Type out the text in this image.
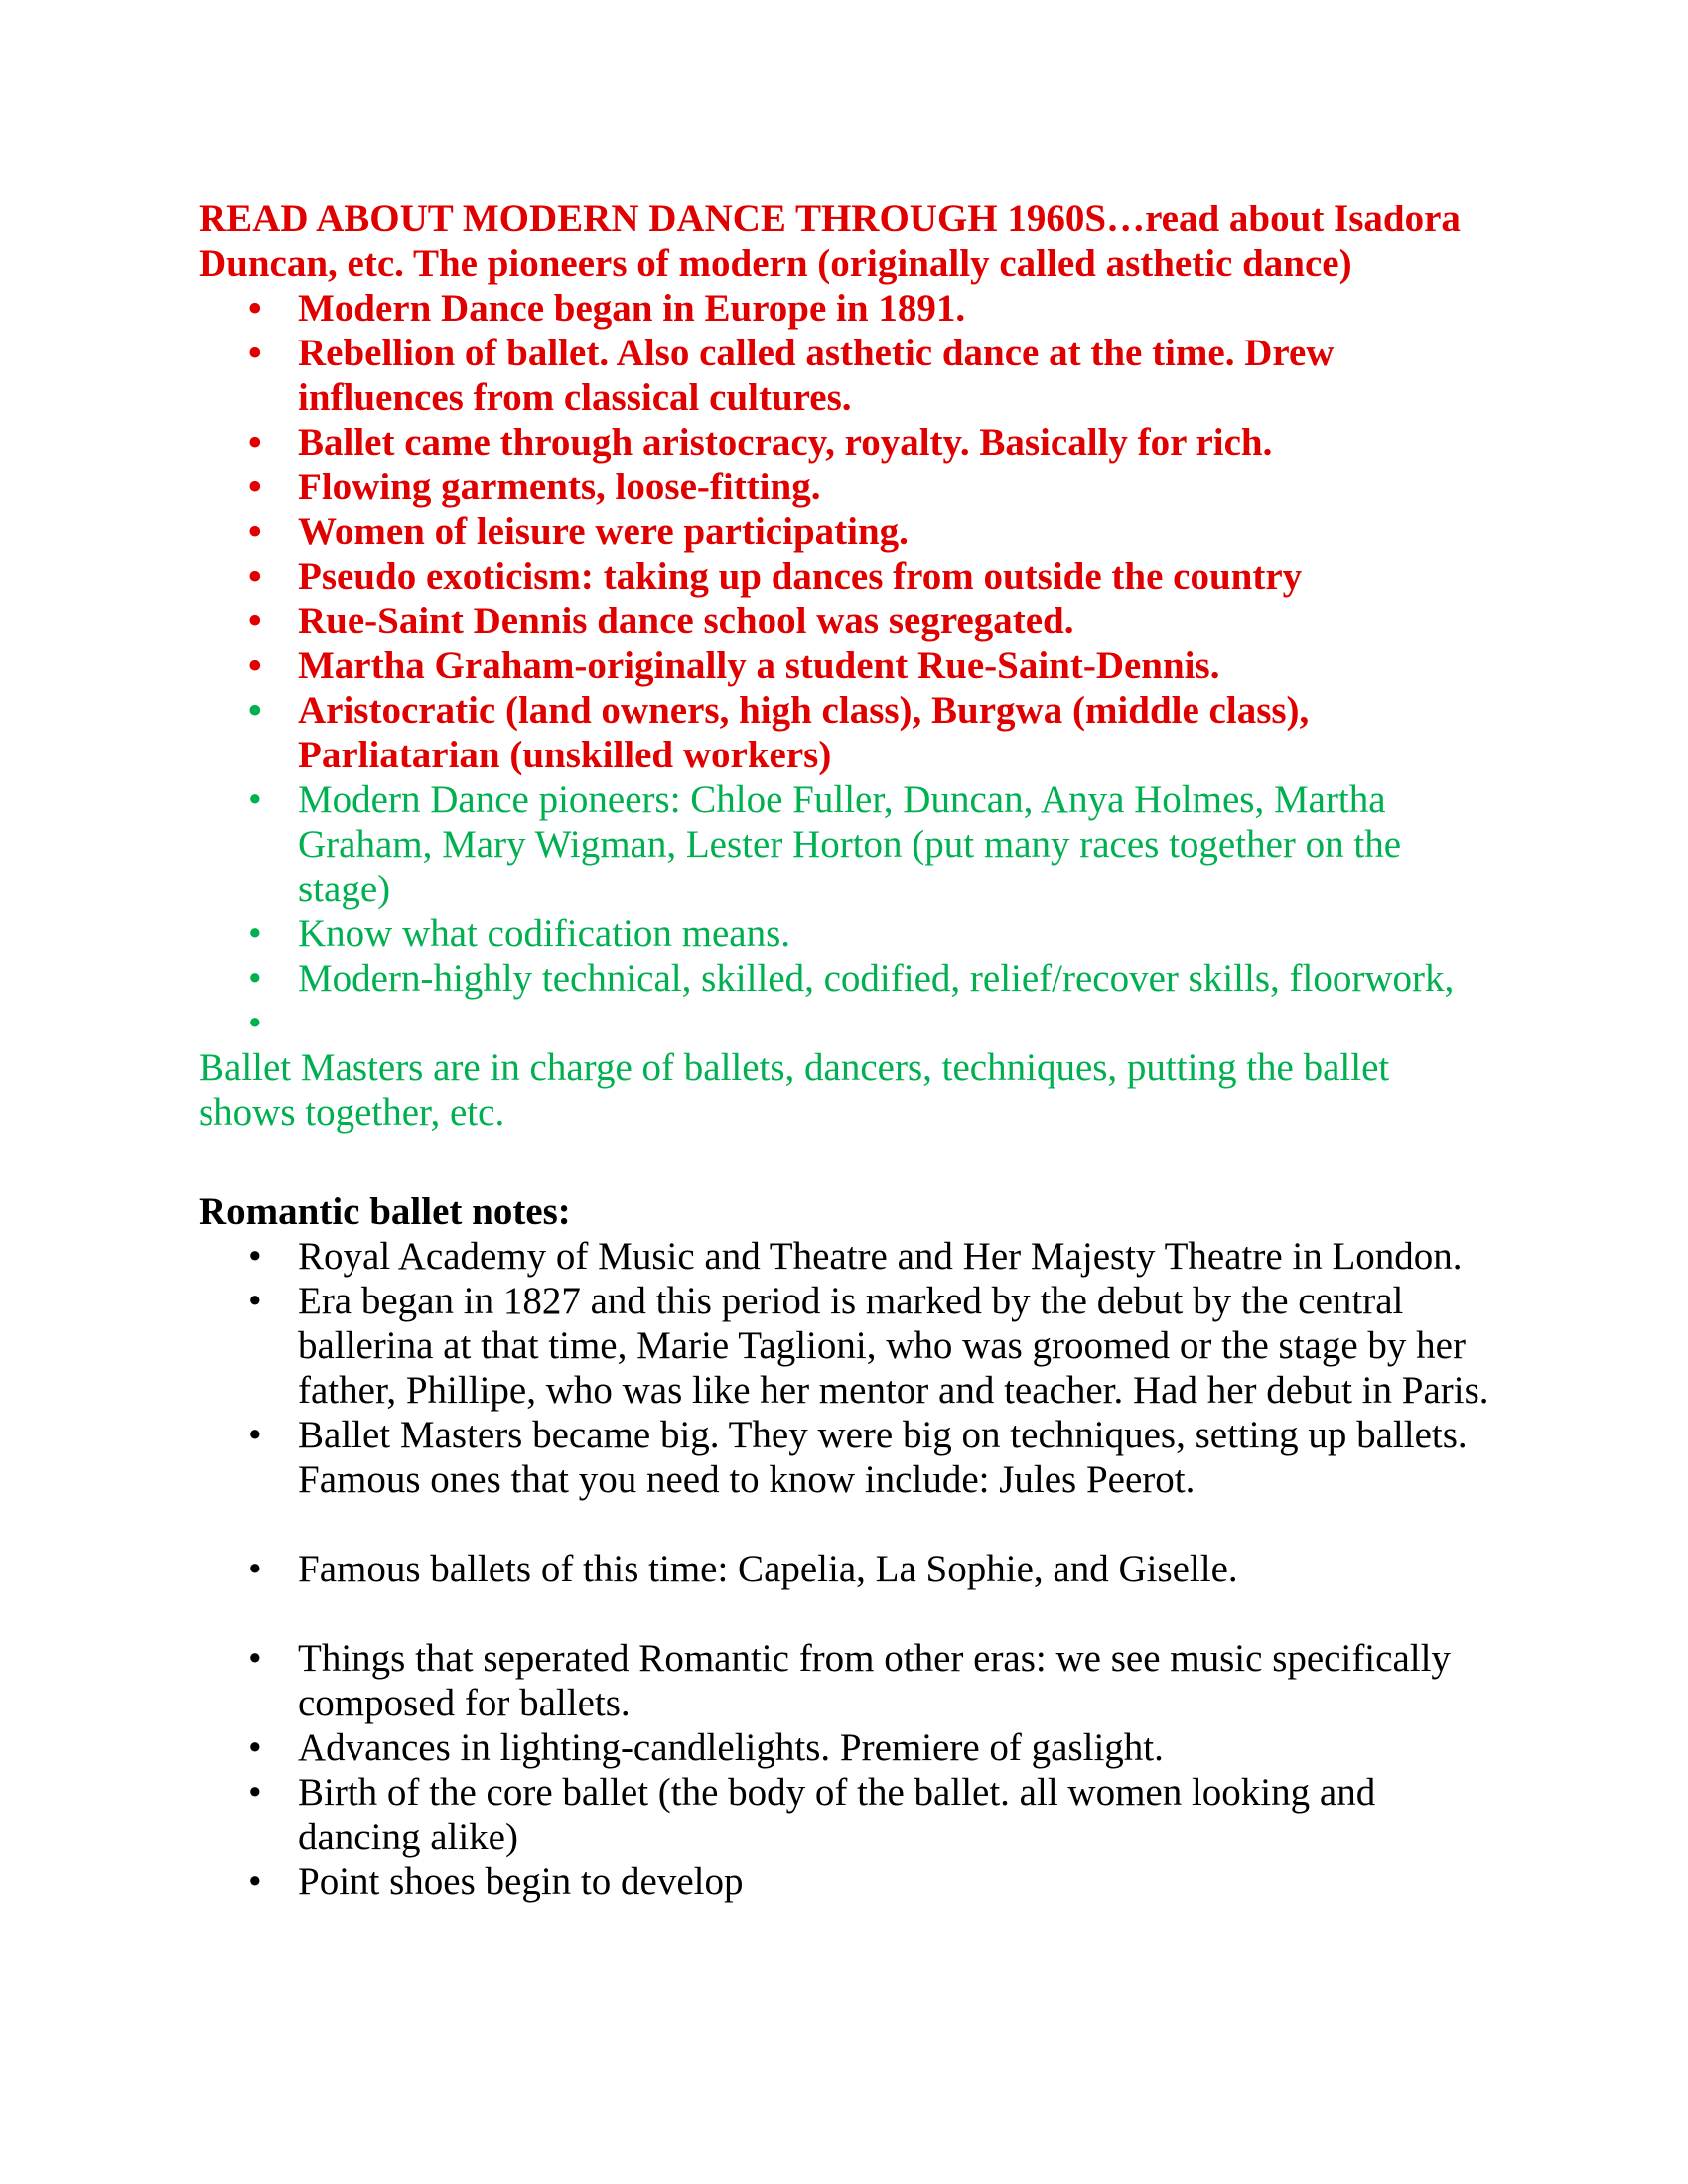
READ ABOUT MODERN DANCE THROUGH 1960S…read about Isadora Duncan, etc. The pioneers of modern (originally called asthetic dance)

• Modern Dance began in Europe in 1891.
• Rebellion of ballet. Also called asthetic dance at the time. Drew influences from classical cultures.
• Ballet came through aristocracy, royalty. Basically for rich.
• Flowing garments, loose-fitting.
• Women of leisure were participating.
• Pseudo exoticism: taking up dances from outside the country
• Rue-Saint Dennis dance school was segregated.
• Martha Graham-originally a student Rue-Saint-Dennis.
• Aristocratic (land owners, high class), Burgwa (middle class), Parliatarian (unskilled workers)
• Modern Dance pioneers: Chloe Fuller, Duncan, Anya Holmes, Martha Graham, Mary Wigman, Lester Horton (put many races together on the stage)
• Know what codification means.
• Modern-highly technical, skilled, codified, relief/recover skills, floorwork,
•

Ballet Masters are in charge of ballets, dancers, techniques, putting the ballet shows together, etc.

Romantic ballet notes:

• Royal Academy of Music and Theatre and Her Majesty Theatre in London.
• Era began in 1827 and this period is marked by the debut by the central ballerina at that time, Marie Taglioni, who was groomed or the stage by her father, Phillipe, who was like her mentor and teacher. Had her debut in Paris.
• Ballet Masters became big. They were big on techniques, setting up ballets. Famous ones that you need to know include: Jules Peerot.
• Famous ballets of this time: Capelia, La Sophie, and Giselle.
• Things that seperated Romantic from other eras: we see music specifically composed for ballets.
• Advances in lighting-candlelights. Premiere of gaslight.
• Birth of the core ballet (the body of the ballet. all women looking and dancing alike)
• Point shoes begin to develop
